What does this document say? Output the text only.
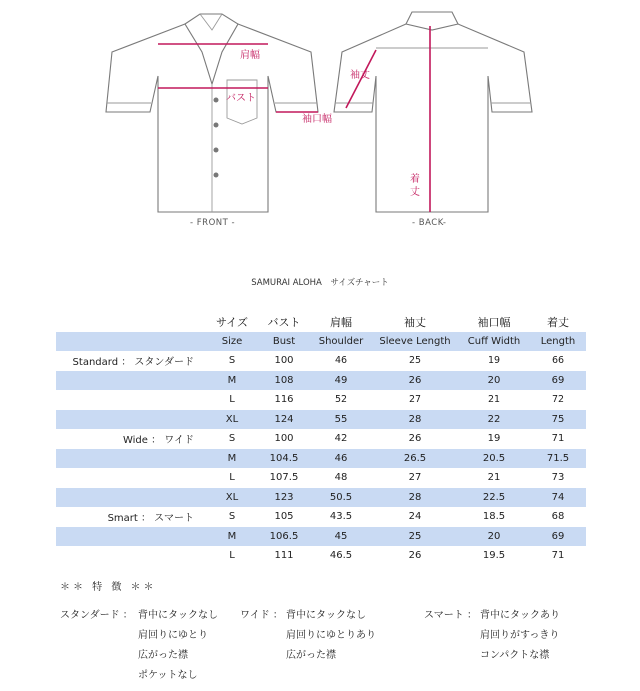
肩幅
バスト
袖口幅
- FRONT -
袖丈
着
丈
- BACK-
SAMURAI ALOHA　サイズチャート
	サイズ	バスト	肩幅	袖丈	袖口幅	着丈
	Size	Bust	Shoulder	Sleeve Length	Cuff Width	Length
Standard ： スタンダード	S	100	46	25	19	66
	M	108	49	26	20	69
	L	116	52	27	21	72
	XL	124	55	28	22	75
Wide ： ワイド	S	100	42	26	19	71
	M	104.5	46	26.5	20.5	71.5
	L	107.5	48	27	21	73
	XL	123	50.5	28	22.5	74
Smart ： スマート	S	105	43.5	24	18.5	68
	M	106.5	45	25	20	69
	L	111	46.5	26	19.5	71
＊＊ 特 徴 ＊＊
スタンダード ： 背中にタックなし
肩回りにゆとり
広がった襟
ポケットなし
ワイド ： 背中にタックなし
肩回りにゆとりあり
広がった襟
スマート ： 背中にタックあり
肩回りがすっきり
コンパクトな襟
